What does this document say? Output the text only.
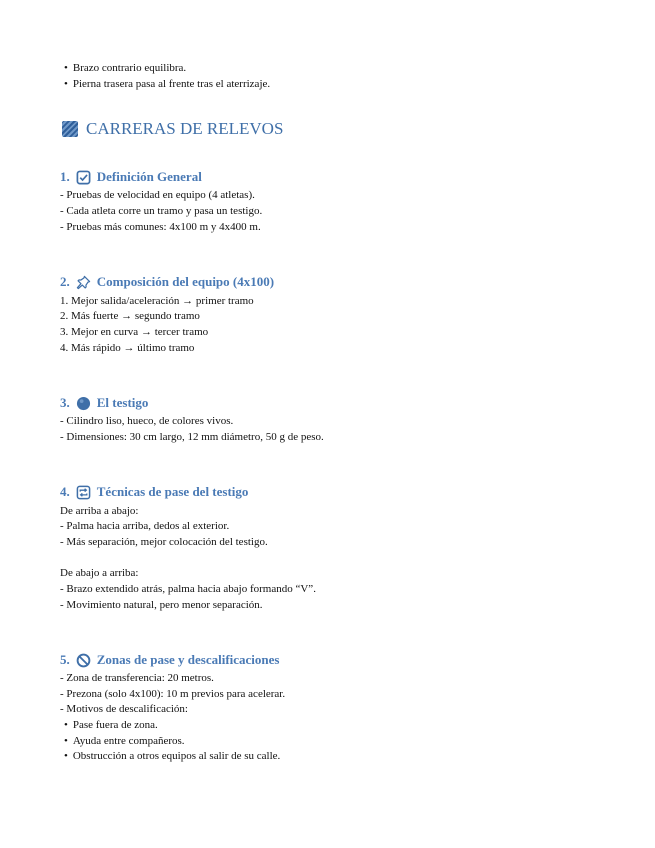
• Brazo contrario equilibra.
• Pierna trasera pasa al frente tras el aterrizaje.
CARRERAS DE RELEVOS
1. Definición General
- Pruebas de velocidad en equipo (4 atletas).
- Cada atleta corre un tramo y pasa un testigo.
- Pruebas más comunes: 4x100 m y 4x400 m.
2. Composición del equipo (4x100)
1. Mejor salida/aceleración → primer tramo
2. Más fuerte → segundo tramo
3. Mejor en curva → tercer tramo
4. Más rápido → último tramo
3. El testigo
- Cilindro liso, hueco, de colores vivos.
- Dimensiones: 30 cm largo, 12 mm diámetro, 50 g de peso.
4. Técnicas de pase del testigo
De arriba a abajo:
- Palma hacia arriba, dedos al exterior.
- Más separación, mejor colocación del testigo.
De abajo a arriba:
- Brazo extendido atrás, palma hacia abajo formando “V”.
- Movimiento natural, pero menor separación.
5. Zonas de pase y descalificaciones
- Zona de transferencia: 20 metros.
- Prezona (solo 4x100): 10 m previos para acelerar.
- Motivos de descalificación:
• Pase fuera de zona.
• Ayuda entre compañeros.
• Obstrucción a otros equipos al salir de su calle.
